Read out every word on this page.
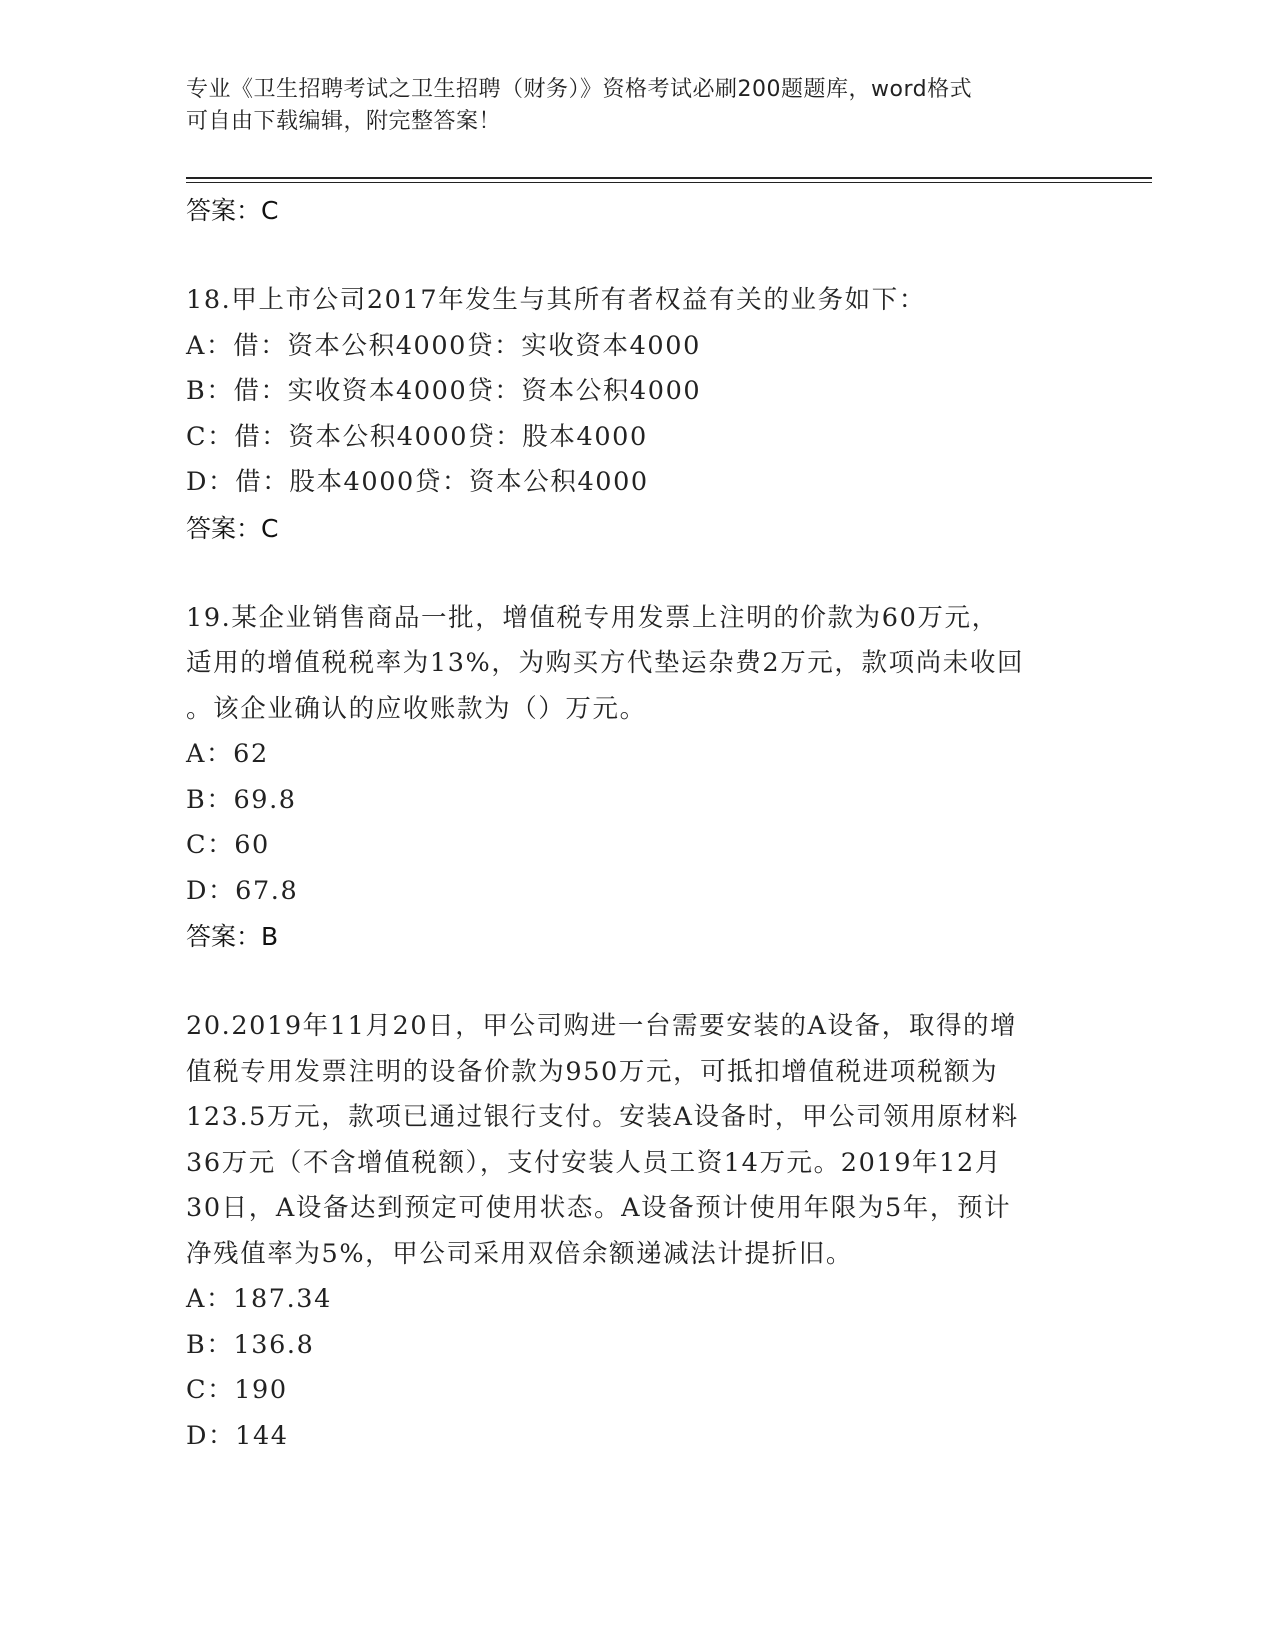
专业《卫生招聘考试之卫生招聘（财务）》资格考试必刷200题题库，word格式
可自由下载编辑，附完整答案！
答案：C
18.甲上市公司2017年发生与其所有者权益有关的业务如下：
A：借：资本公积4000贷：实收资本4000
B：借：实收资本4000贷：资本公积4000
C：借：资本公积4000贷：股本4000
D：借：股本4000贷：资本公积4000
答案：C
19.某企业销售商品一批，增值税专用发票上注明的价款为60万元，
适用的增值税税率为13%，为购买方代垫运杂费2万元，款项尚未收回
。该企业确认的应收账款为（）万元。
A：62
B：69.8
C：60
D：67.8
答案：B
20.2019年11月20日，甲公司购进一台需要安装的A设备，取得的增
值税专用发票注明的设备价款为950万元，可抵扣增值税进项税额为
123.5万元，款项已通过银行支付。安装A设备时，甲公司领用原材料
36万元（不含增值税额），支付安装人员工资14万元。2019年12月
30日，A设备达到预定可使用状态。A设备预计使用年限为5年，预计
净残值率为5%，甲公司采用双倍余额递减法计提折旧。
A：187.34
B：136.8
C：190
D：144
